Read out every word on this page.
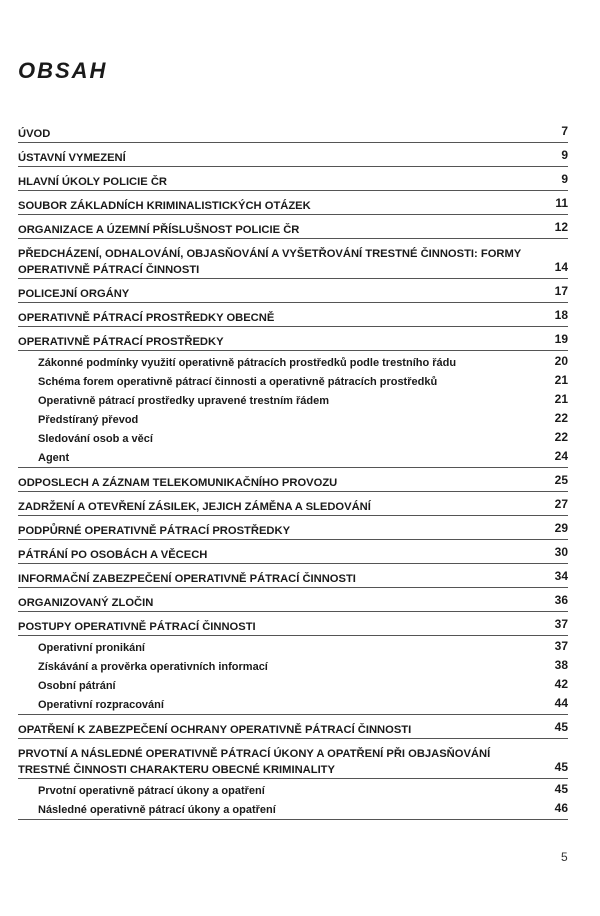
OBSAH
ÚVOD	7
ÚSTAVNÍ VYMEZENÍ	9
HLAVNÍ ÚKOLY POLICIE ČR	9
SOUBOR ZÁKLADNÍCH KRIMINALISTICKÝCH OTÁZEK	11
ORGANIZACE A ÚZEMNÍ PŘÍSLUŠNOST POLICIE ČR	12
PŘEDCHÁZENÍ, ODHALOVÁNÍ, OBJASŇOVÁNÍ A VYŠETŘOVÁNÍ TRESTNÉ ČINNOSTI: FORMY OPERATIVNĚ PÁTRACÍ ČINNOSTI	14
POLICEJNÍ ORGÁNY	17
OPERATIVNĚ PÁTRACÍ PROSTŘEDKY OBECNĚ	18
OPERATIVNĚ PÁTRACÍ PROSTŘEDKY	19
Zákonné podmínky využití operativně pátracích prostředků podle trestního řádu	20
Schéma forem operativně pátrací činnosti a operativně pátracích prostředků	21
Operativně pátrací prostředky upravené trestním řádem	21
Předstíraný převod	22
Sledování osob a věcí	22
Agent	24
ODPOSLECH A ZÁZNAM TELEKOMUNIKAČNÍHO PROVOZU	25
ZADRŽENÍ A OTEVŘENÍ ZÁSILEK, JEJICH ZÁMĚNA A SLEDOVÁNÍ	27
PODPŮRNÉ OPERATIVNĚ PÁTRACÍ PROSTŘEDKY	29
PÁTRÁNÍ PO OSOBÁCH A VĚCECH	30
INFORMAČNÍ ZABEZPEČENÍ OPERATIVNĚ PÁTRACÍ ČINNOSTI	34
ORGANIZOVANÝ ZLOČIN	36
POSTUPY OPERATIVNĚ PÁTRACÍ ČINNOSTI	37
Operativní pronikání	37
Získávání a prověrka operativních informací	38
Osobní pátrání	42
Operativní rozpracování	44
OPATŘENÍ K ZABEZPEČENÍ OCHRANY OPERATIVNĚ PÁTRACÍ ČINNOSTI	45
PRVOTNÍ A NÁSLEDNÉ OPERATIVNĚ PÁTRACÍ ÚKONY A OPATŘENÍ PŘI OBJASŇOVÁNÍ TRESTNÉ ČINNOSTI CHARAKTERU OBECNÉ KRIMINALITY	45
Prvotní operativně pátrací úkony a opatření	45
Následné operativně pátrací úkony a opatření	46
5
